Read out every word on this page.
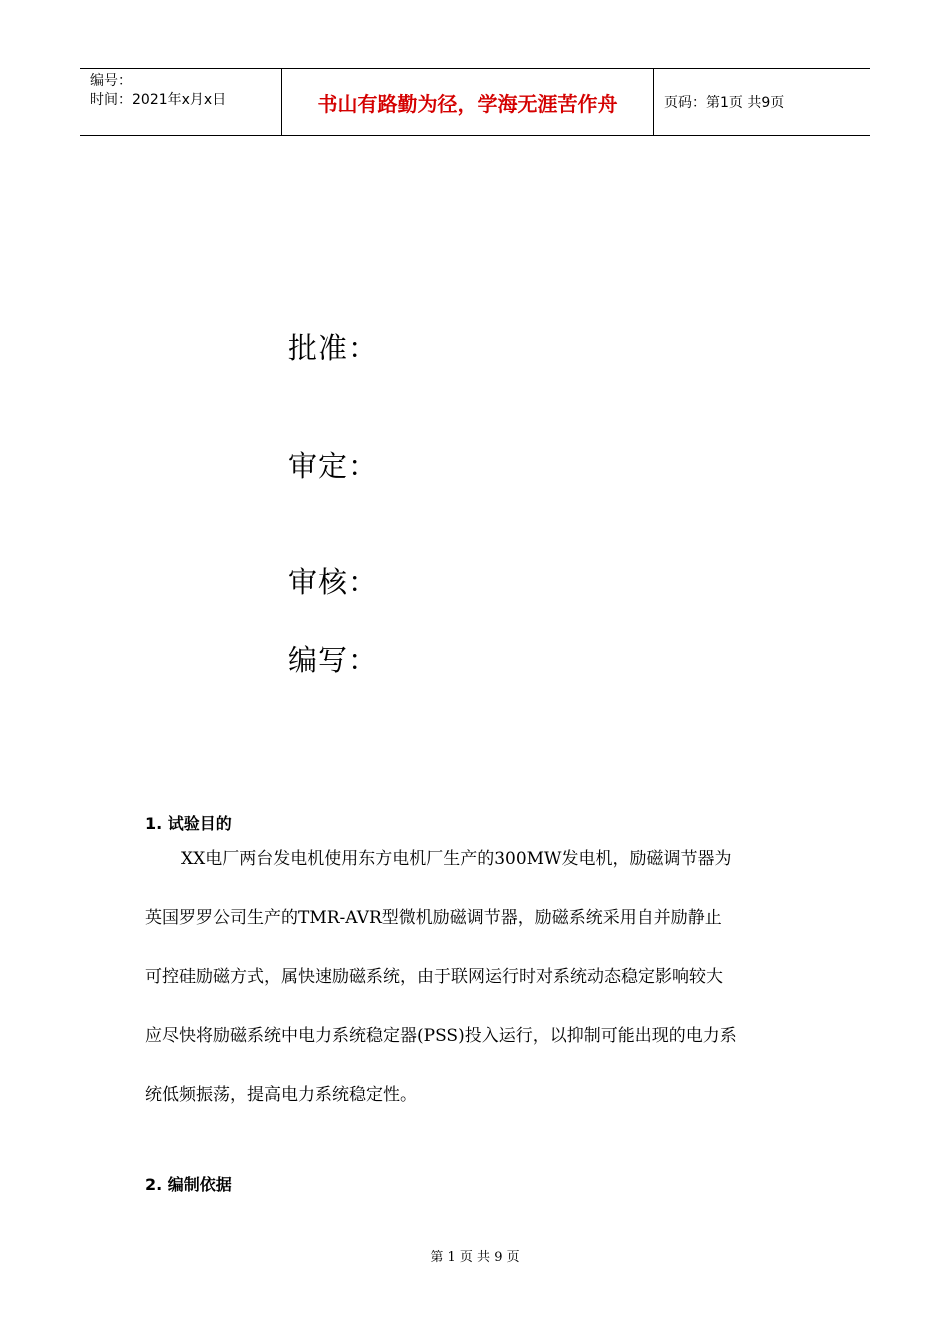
编号：
时间：2021年x月x日	书山有路勤为径，学海无涯苦作舟	页码：第1页 共9页
批准：
审定：
审核：
编写：
1. 试验目的
XX电厂两台发电机使用东方电机厂生产的300MW发电机，励磁调节器为
英国罗罗公司生产的TMR-AVR型微机励磁调节器，励磁系统采用自并励静止
可控硅励磁方式，属快速励磁系统，由于联网运行时对系统动态稳定影响较大
应尽快将励磁系统中电力系统稳定器(PSS)投入运行，以抑制可能出现的电力系
统低频振荡，提高电力系统稳定性。
2. 编制依据
第 1 页 共 9 页
